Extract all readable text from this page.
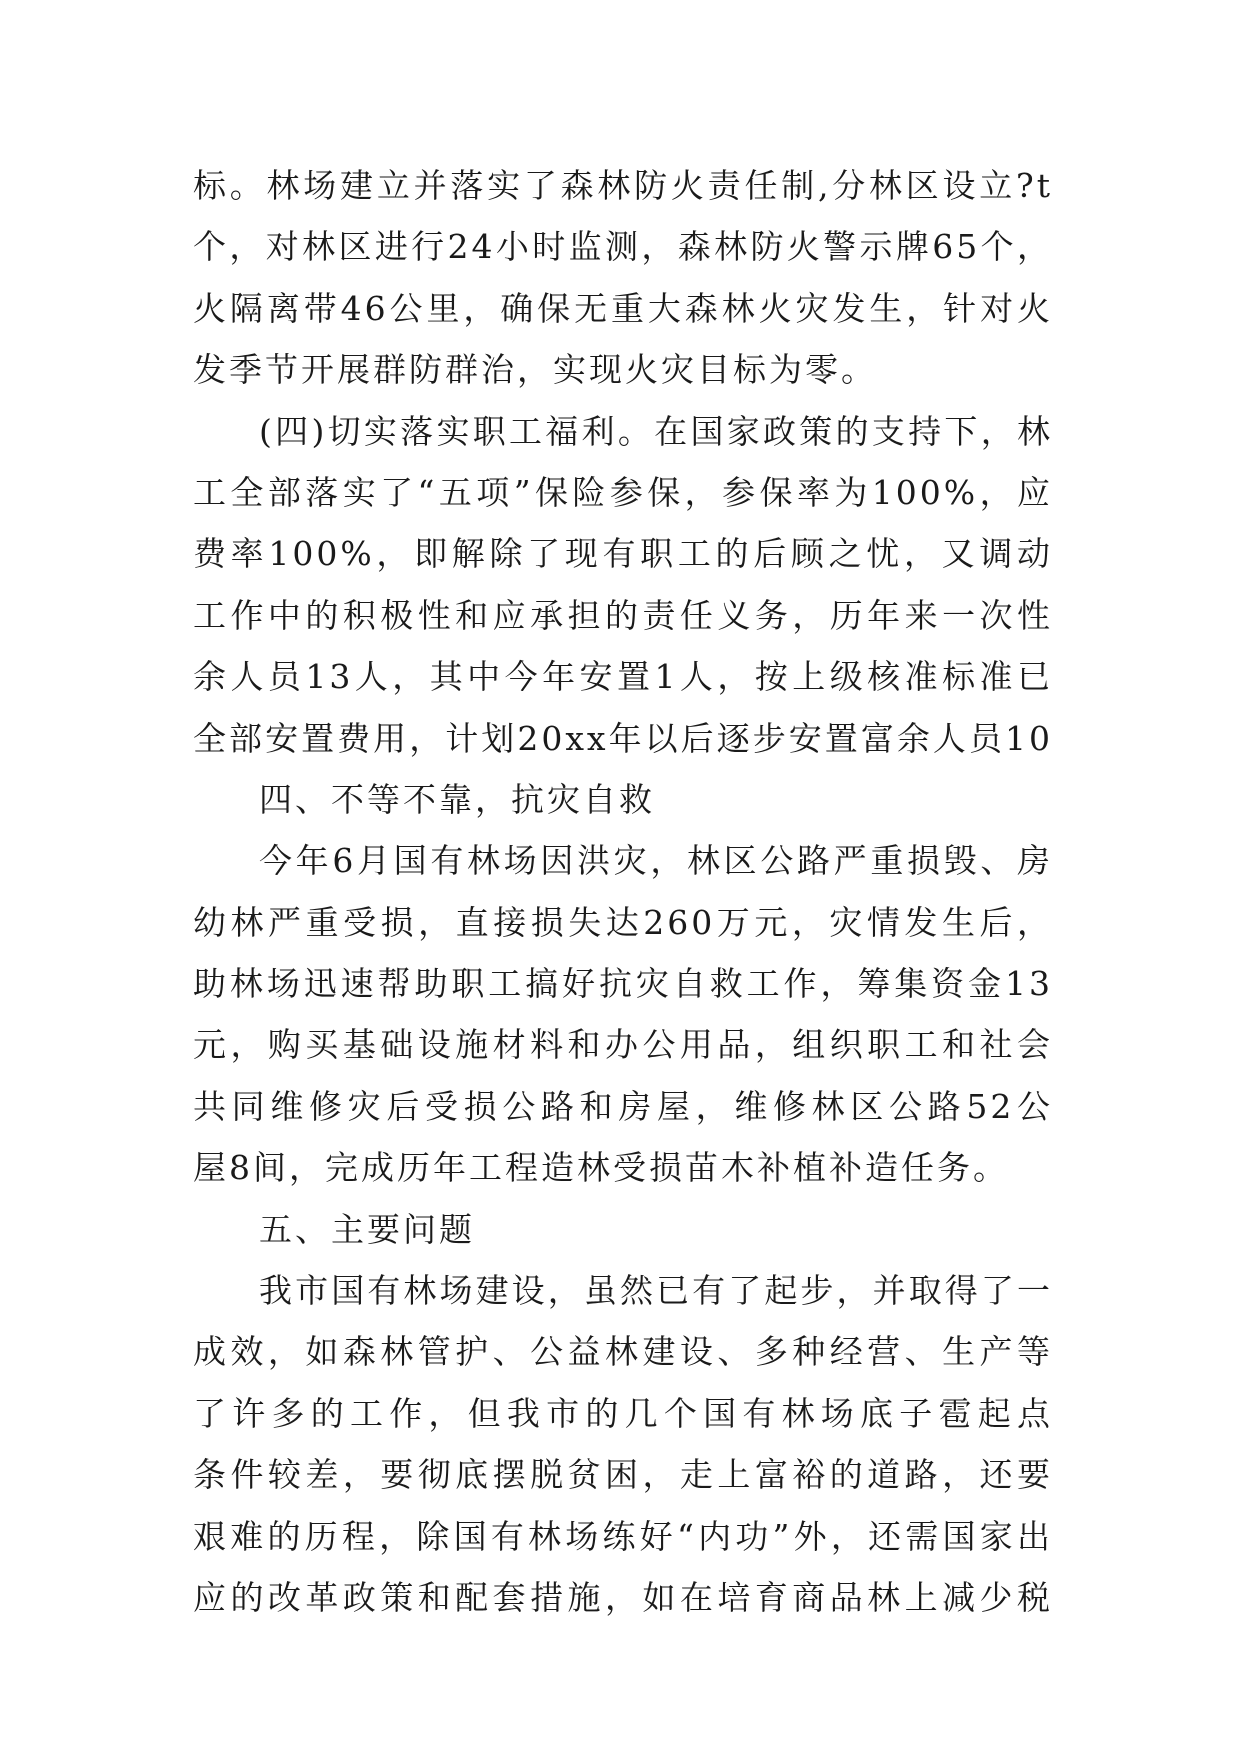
标。林场建立并落实了森林防火责任制,分林区设立?t
个，对林区进行24小时监测，森林防火警示牌65个，
火隔离带46公里，确保无重大森林火灾发生，针对火
发季节开展群防群治，实现火灾目标为零。
(四)切实落实职工福利。在国家政策的支持下，林
工全部落实了“五项”保险参保，参保率为100%，应
费率100%，即解除了现有职工的后顾之忧，又调动
工作中的积极性和应承担的责任义务，历年来一次性
余人员13人，其中今年安置1人，按上级核准标准已
全部安置费用，计划20xx年以后逐步安置富余人员10
四、不等不靠，抗灾自救
今年6月国有林场因洪灾，林区公路严重损毁、房
幼林严重受损，直接损失达260万元，灾情发生后，
助林场迅速帮助职工搞好抗灾自救工作，筹集资金13
元，购买基础设施材料和办公用品，组织职工和社会
共同维修灾后受损公路和房屋，维修林区公路52公
屋8间，完成历年工程造林受损苗木补植补造任务。
五、主要问题
我市国有林场建设，虽然已有了起步，并取得了一
成效，如森林管护、公益林建设、多种经营、生产等
了许多的工作，但我市的几个国有林场底子雹起点
条件较差，要彻底摆脱贫困，走上富裕的道路，还要
艰难的历程，除国有林场练好“内功”外，还需国家出
应的改革政策和配套措施，如在培育商品林上减少税
